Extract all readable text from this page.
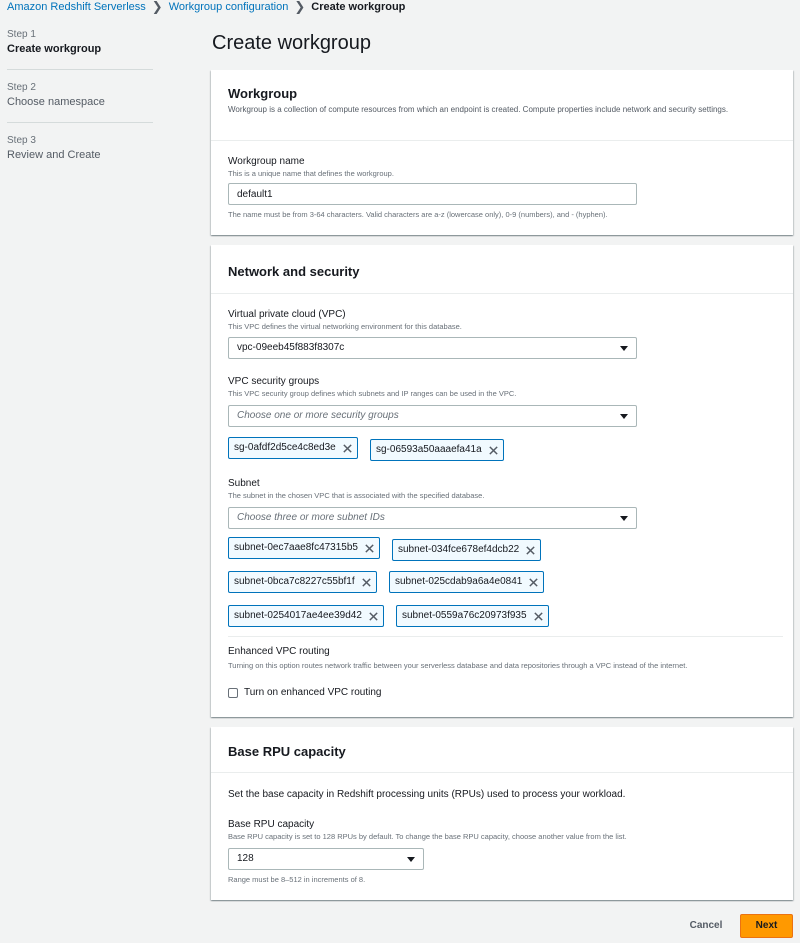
Amazon Redshift Serverless ❯ Workgroup configuration ❯ Create workgroup
Step 1
Create workgroup
Step 2
Choose namespace
Step 3
Review and Create
Create workgroup
Workgroup
Workgroup is a collection of compute resources from which an endpoint is created. Compute properties include network and security settings.
Workgroup name
This is a unique name that defines the workgroup.
default1
The name must be from 3-64 characters. Valid characters are a-z (lowercase only), 0-9 (numbers), and - (hyphen).
Network and security
Virtual private cloud (VPC)
This VPC defines the virtual networking environment for this database.
vpc-09eeb45f883f8307c
VPC security groups
This VPC security group defines which subnets and IP ranges can be used in the VPC.
Choose one or more security groups
sg-0afdf2d5ce4c8ed3e	sg-06593a50aaaefa41a
Subnet
The subnet in the chosen VPC that is associated with the specified database.
Choose three or more subnet IDs
subnet-0ec7aae8fc47315b5	subnet-034fce678ef4dcb22
subnet-0bca7c8227c55bf1f	subnet-025cdab9a6a4e0841
subnet-0254017ae4ee39d42	subnet-0559a76c20973f935
Enhanced VPC routing
Turning on this option routes network traffic between your serverless database and data repositories through a VPC instead of the internet.
Turn on enhanced VPC routing
Base RPU capacity
Set the base capacity in Redshift processing units (RPUs) used to process your workload.
Base RPU capacity
Base RPU capacity is set to 128 RPUs by default. To change the base RPU capacity, choose another value from the list.
128
Range must be 8–512 in increments of 8.
Cancel	Next
